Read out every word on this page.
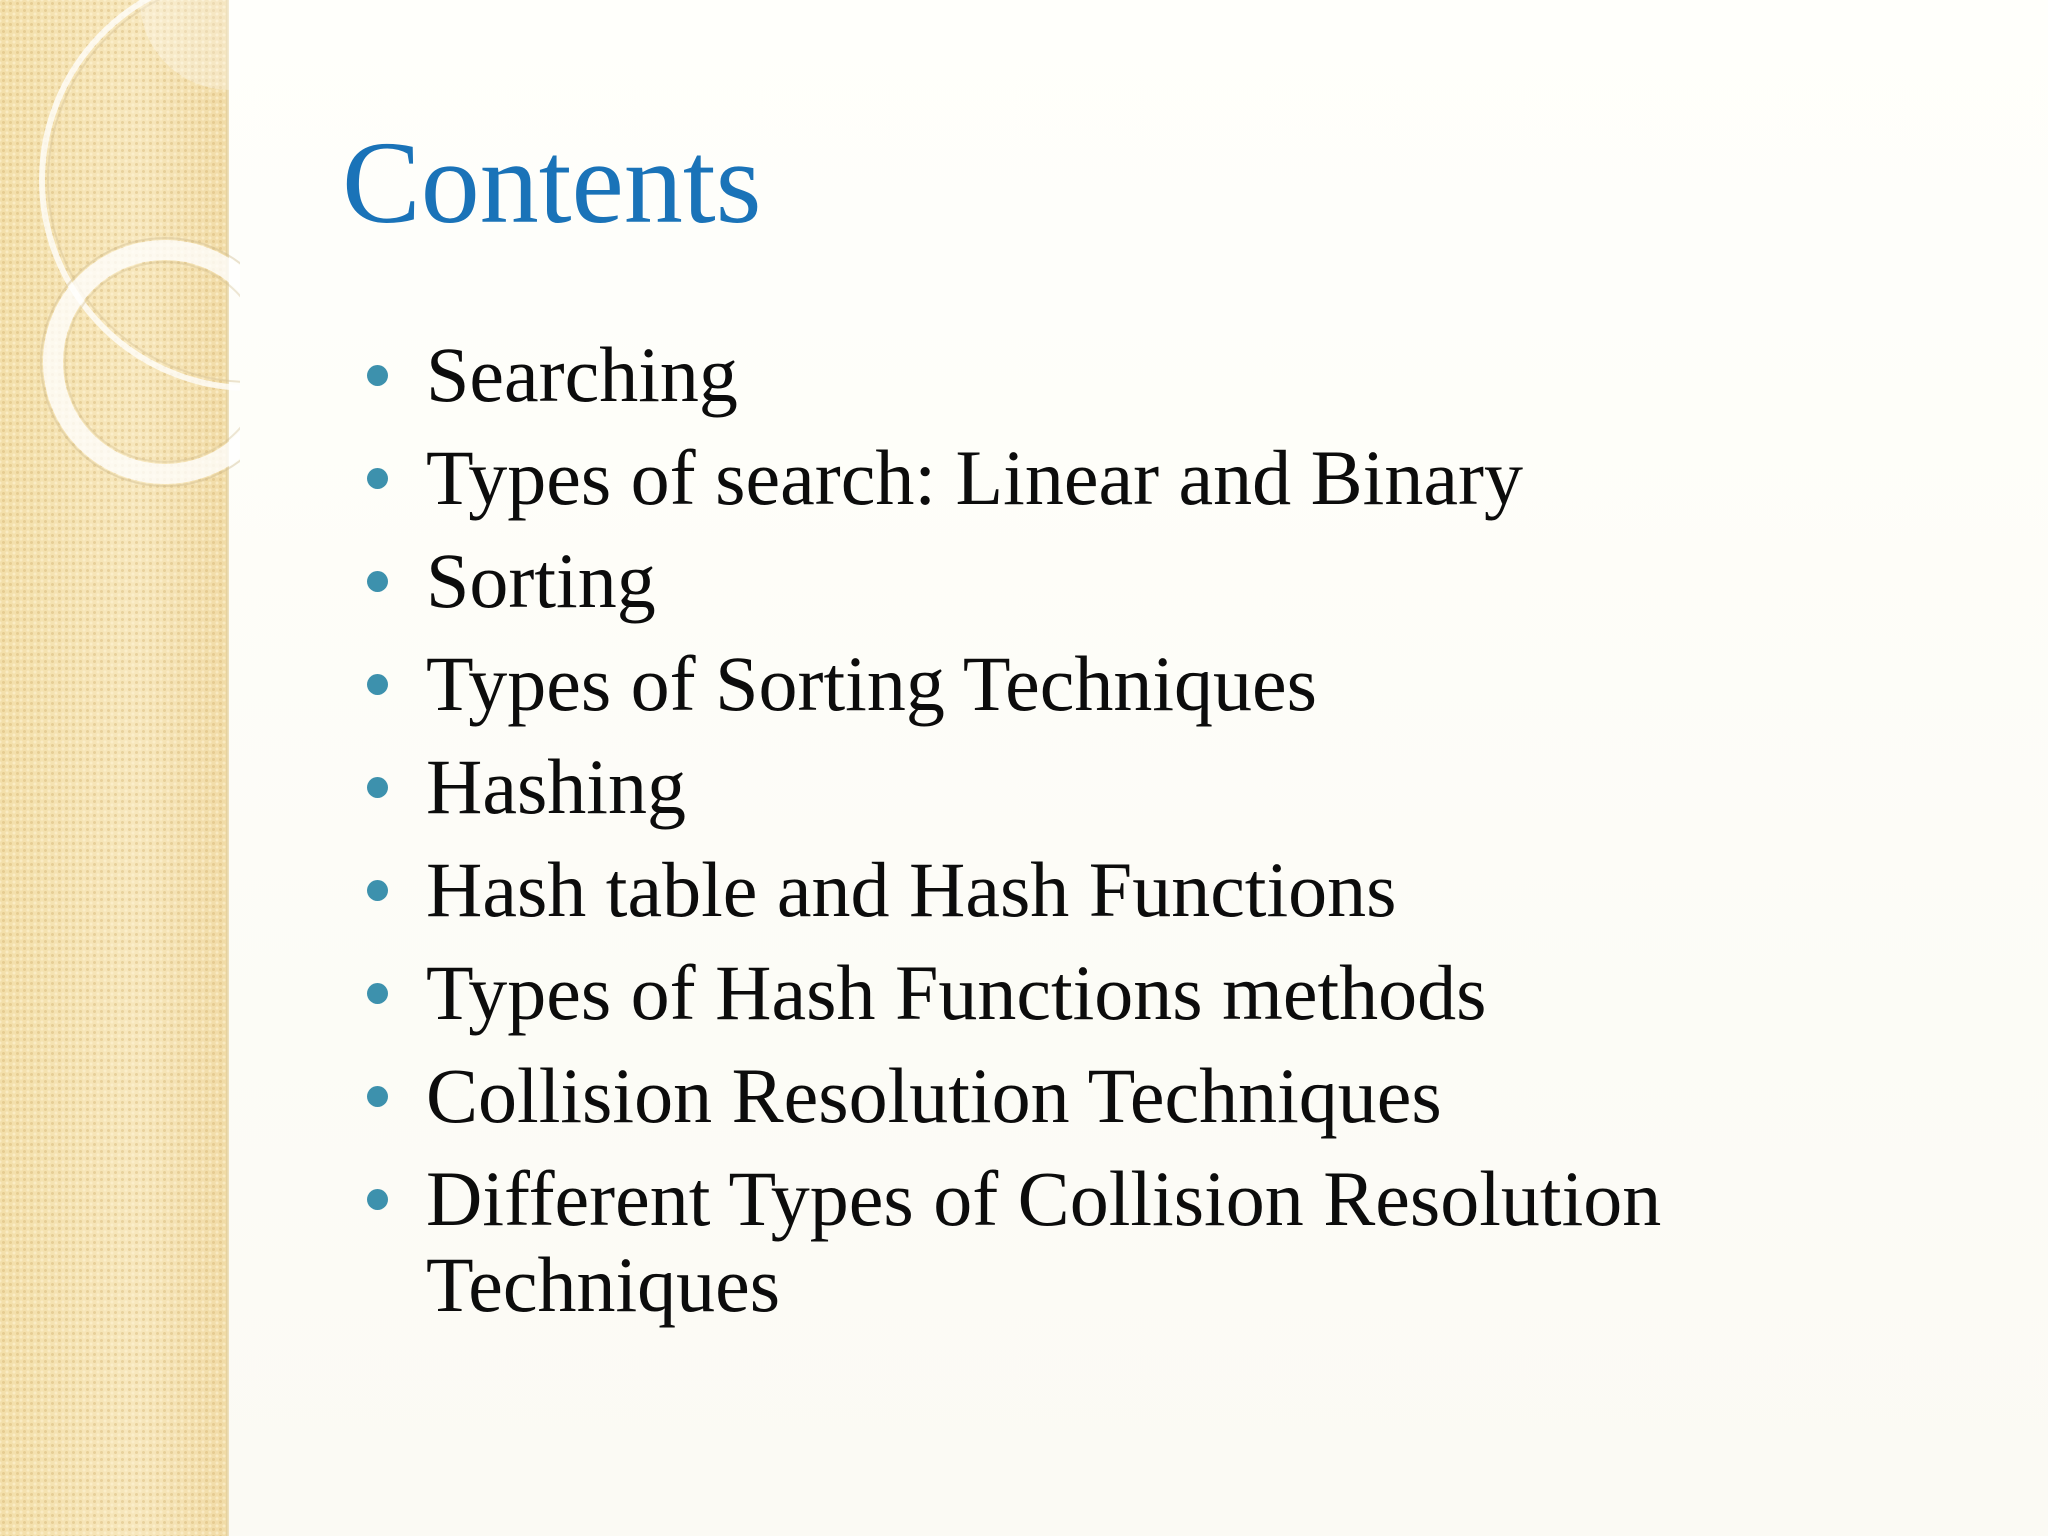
Contents
Searching
Types of search: Linear and Binary
Sorting
Types of Sorting Techniques
Hashing
Hash table and Hash Functions
Types of Hash Functions methods
Collision Resolution Techniques
Different Types of Collision Resolution Techniques
